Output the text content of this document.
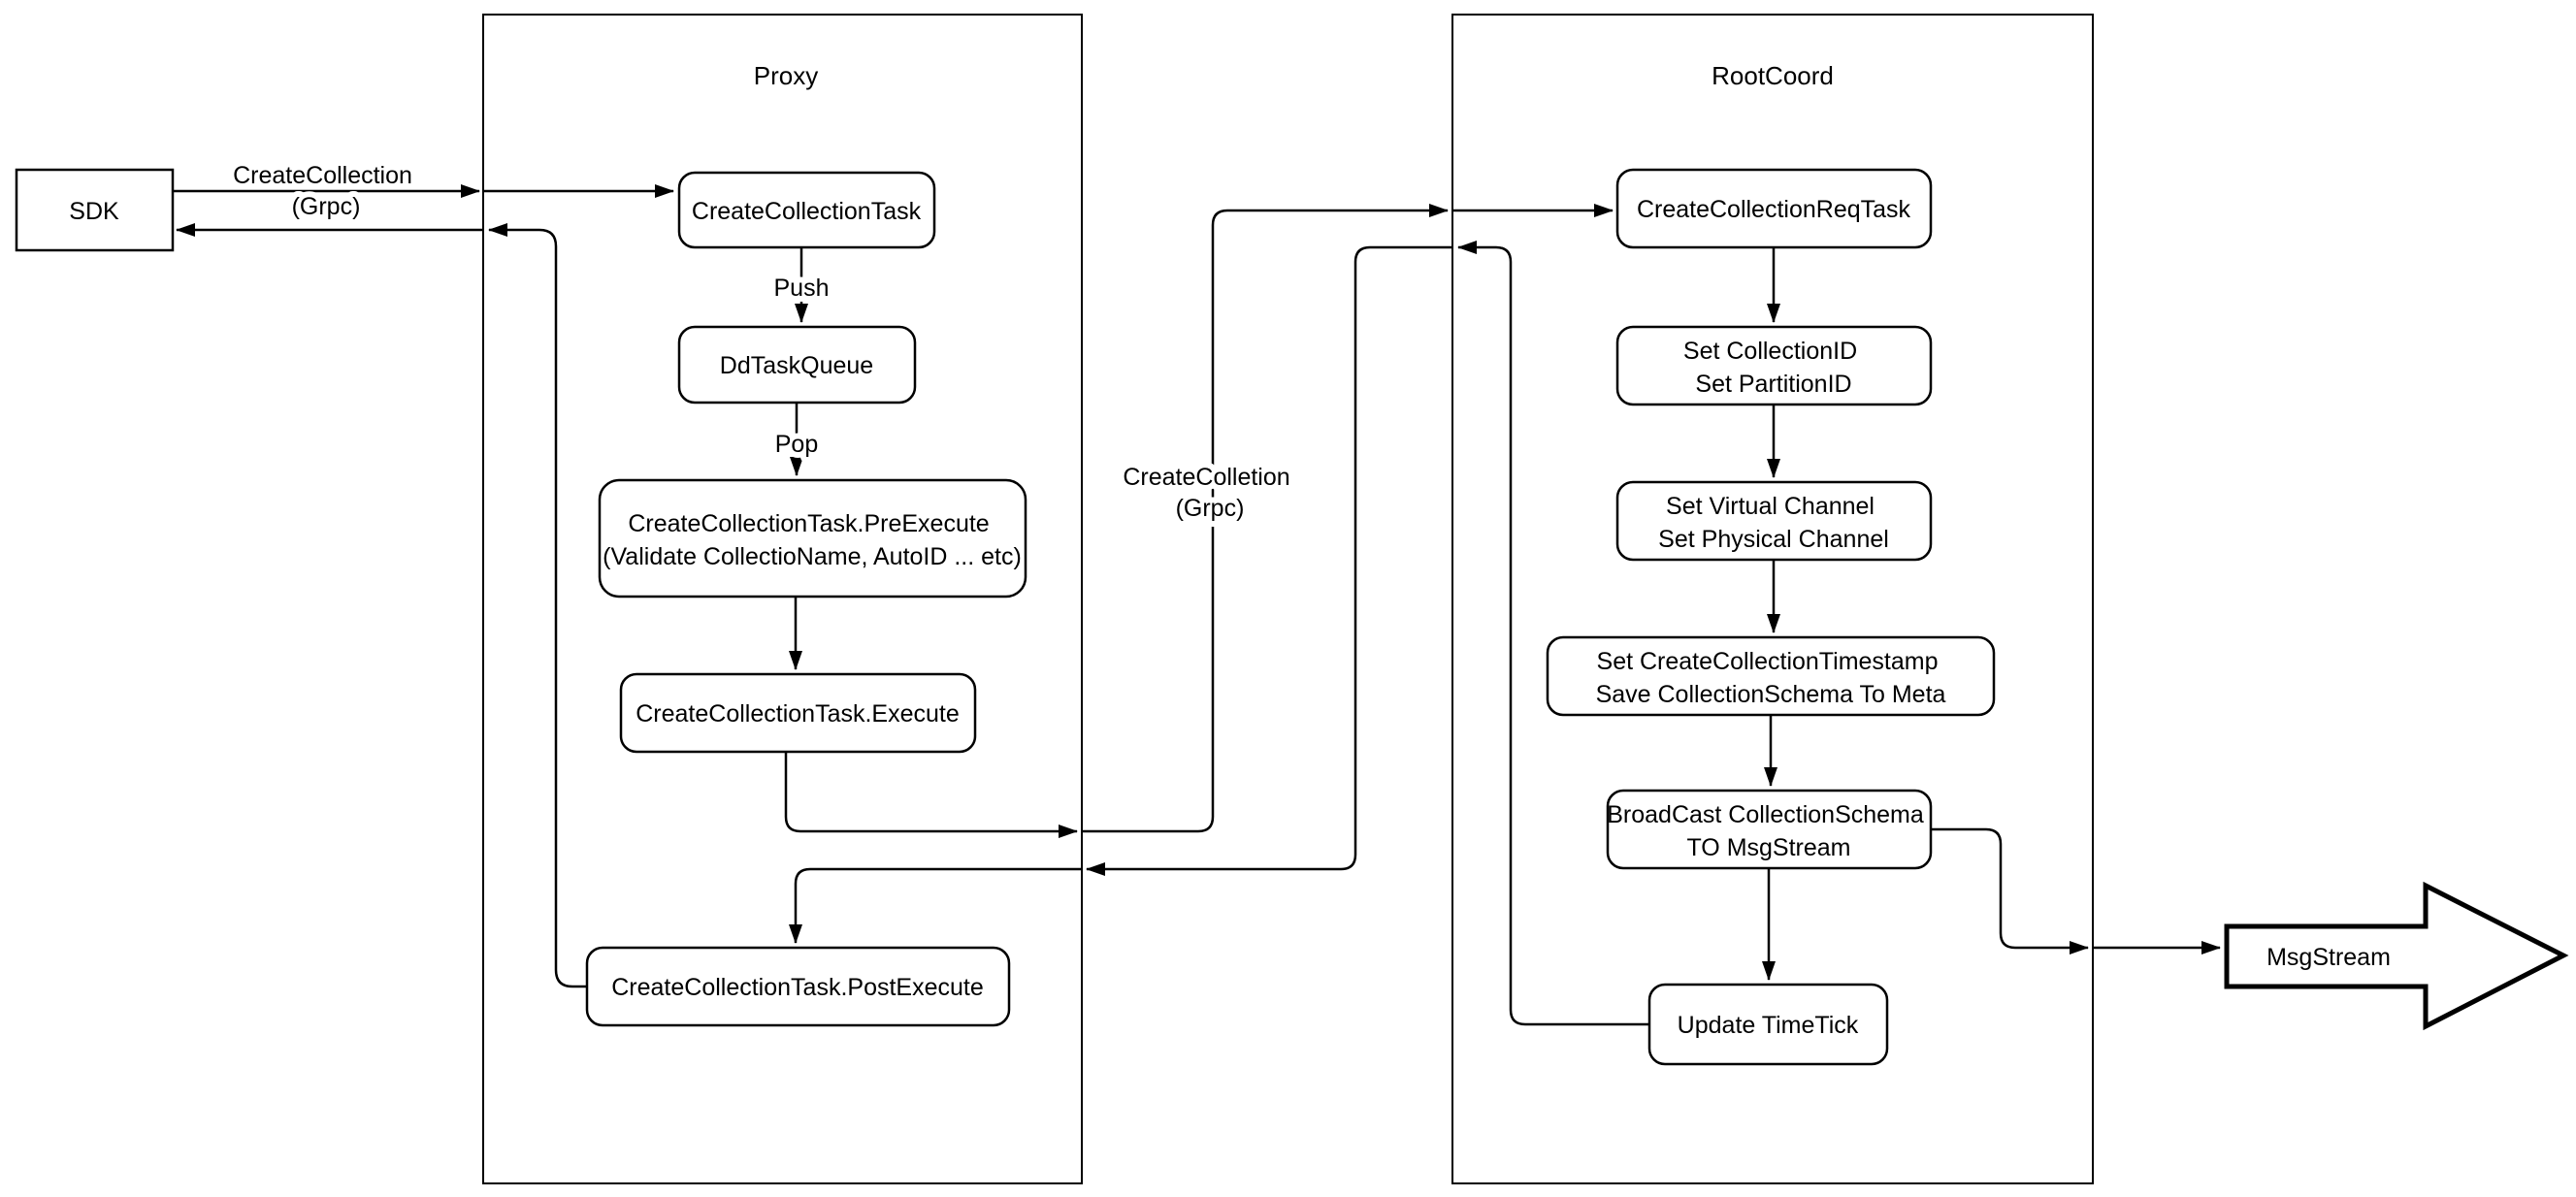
Proxy	RootCoord
SDK	CreateCollectionTask
DdTaskQueue
CreateCollectionTask.PreExecute (Validate CollectioName, AutoID ... etc)
CreateCollectionTask.Execute
CreateCollectionTask.PostExecute
CreateCollectionReqTask
Set CollectionID Set PartitionID
Set Virtual Channel Set Physical Channel
Set CreateCollectionTimestamp Save CollectionSchema To Meta
BroadCast CollectionSchema TO MsgStream
Update TimeTick
MsgStream
CreateCollection (Grpc)
Push
Pop
CreateColletion (Grpc)
